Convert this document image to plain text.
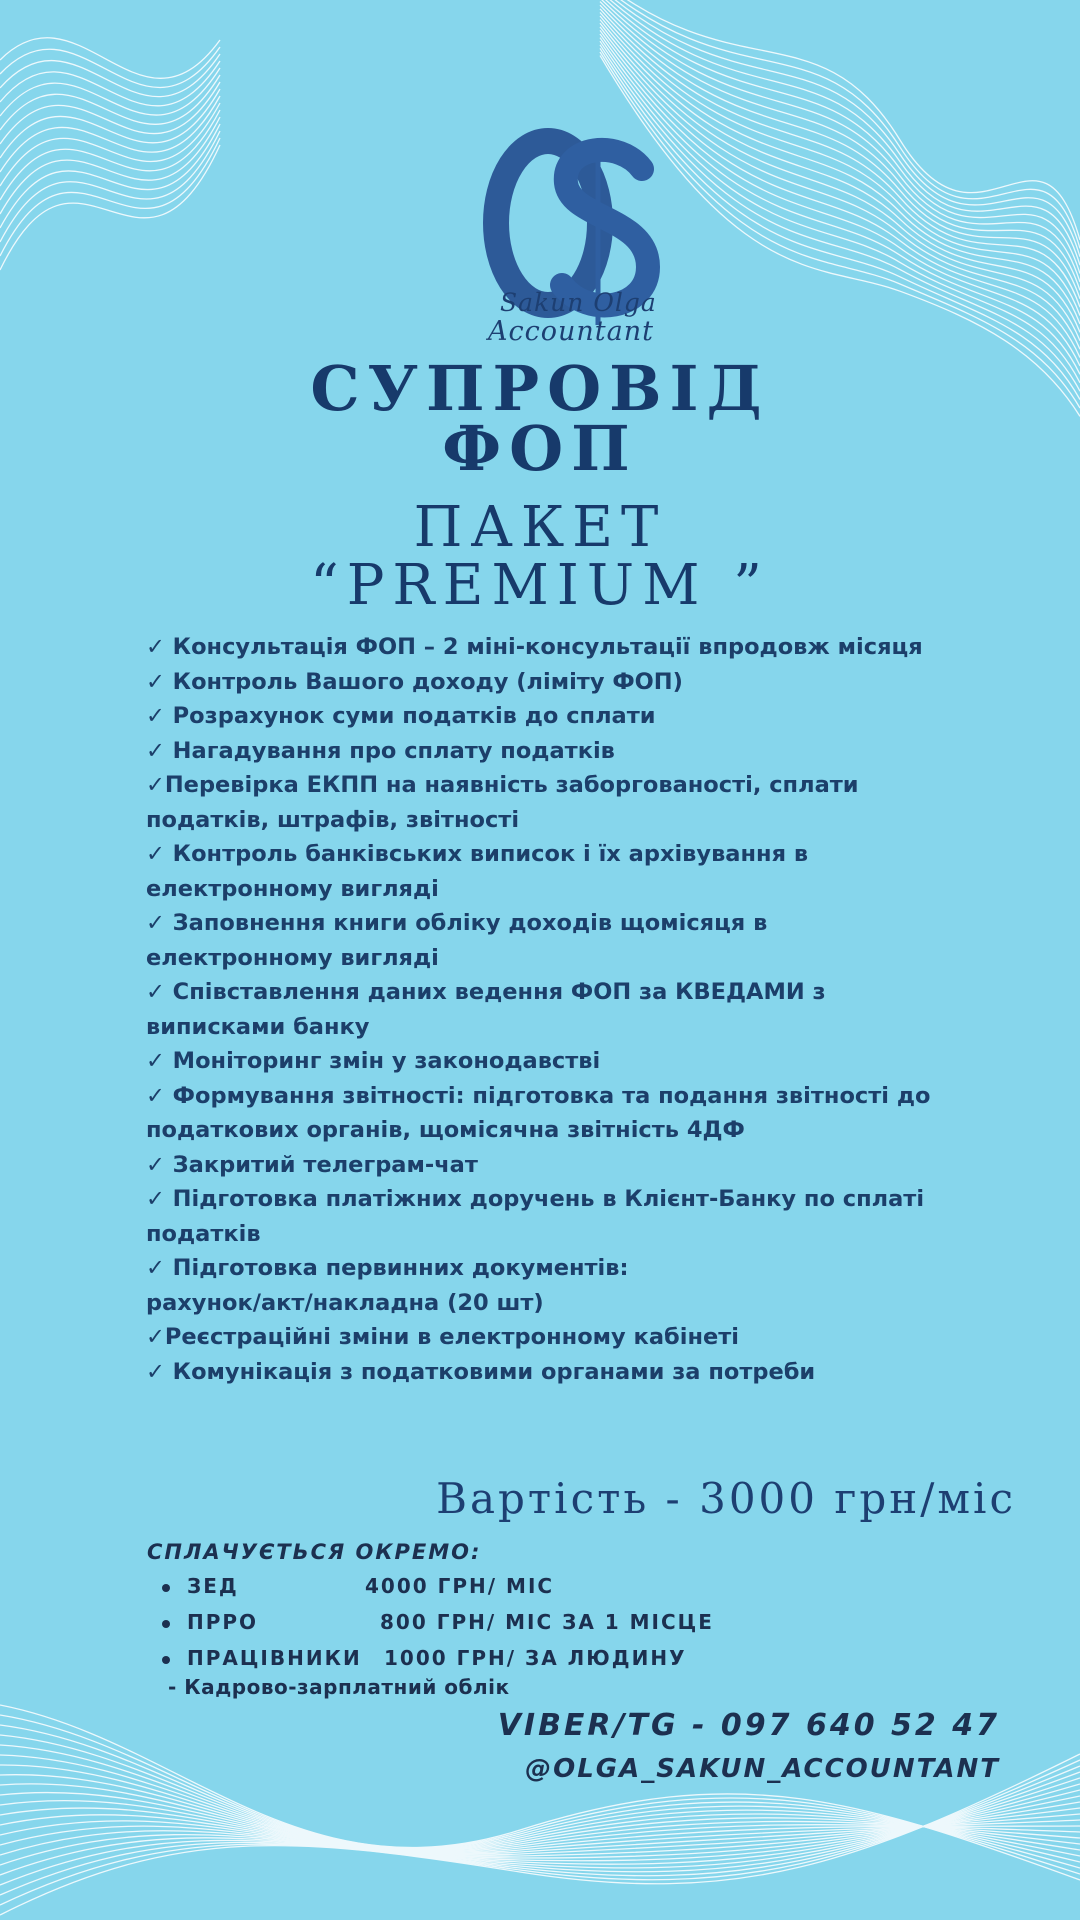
Sakun Olga
Accountant
СУПРОВІД
ФОП
ПАКЕТ
“PREMIUM ”
✓ Консультація ФОП – 2 міні-консультації впродовж місяця
✓ Контроль Вашого доходу (ліміту ФОП)
✓ Розрахунок суми податків до сплати
✓ Нагадування про сплату податків
✓Перевірка ЕКПП на наявність заборгованості, сплати
податків, штрафів, звітності
✓ Контроль банківських виписок і їх архівування в
електронному вигляді
✓ Заповнення книги обліку доходів щомісяця в
електронному вигляді
✓ Співставлення даних ведення ФОП за КВЕДАМИ з
виписками банку
✓ Моніторинг змін у законодавстві
✓ Формування звітності: підготовка та подання звітності до
податкових органів, щомісячна звітність 4ДФ
✓ Закритий телеграм-чат
✓ Підготовка платіжних доручень в Клієнт-Банку по сплаті
податків
✓ Підготовка первинних документів:
рахунок/акт/накладна (20 шт)
✓Реєстраційні зміни в електронному кабінеті
✓ Комунікація з податковими органами за потреби
Вартість - 3000 грн/міс
СПЛАЧУЄТЬСЯ ОКРЕМО:
ЗЕД	4000 ГРН/ МІС
ПРРО	800 ГРН/ МІС ЗА 1 МІСЦЕ
ПРАЦІВНИКИ 1000 ГРН/ ЗА ЛЮДИНУ
- Кадрово-зарплатний облік
VIBER/TG - 097 640 52 47
@OLGA_SAKUN_ACCOUNTANT
